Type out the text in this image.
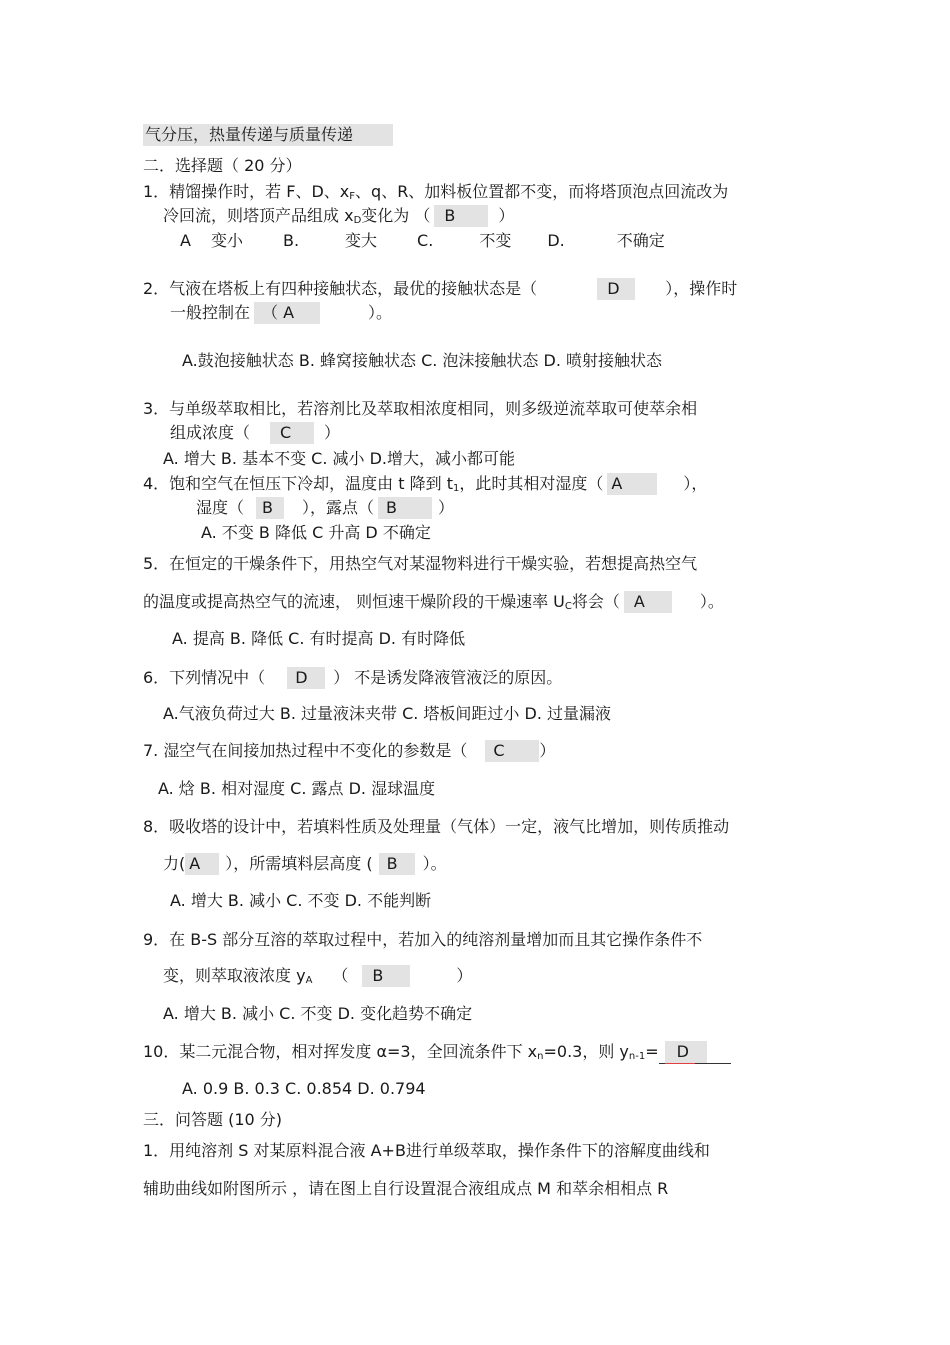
气分压，热量传递与质量传递
二．选择题（ 20 分）
1．精馏操作时，若 F、D、$x_F$、q、R、加料板位置都不变，而将塔顶泡点回流改为
冷回流，则塔顶产品组成 $x_D$变化为 （ B	）
A 变小	B.	变大	C.	不变 D.	不确定
2．气液在塔板上有四种接触状态，最优的接触状态是（	D	），操作时
一般控制在 （ A	）。
A.鼓泡接触状态 B. 蜂窝接触状态 C. 泡沫接触状态 D. 喷射接触状态
3．与单级萃取相比，若溶剂比及萃取相浓度相同，则多级逆流萃取可使萃余相
组成浓度（ C ）
A. 增大 B. 基本不变 C. 减小 D.增大，减小都可能
4．饱和空气在恒压下冷却，温度由 t 降到 $t_1$，此时其相对湿度（ A	），
湿度（ B ），露点（ B	）
A. 不变 B 降低 C 升高 D 不确定
5．在恒定的干燥条件下，用热空气对某湿物料进行干燥实验，若想提高热空气
的温度或提高热空气的流速， 则恒速干燥阶段的干燥速率 $U_C$将会（ A	）。
A. 提高 B. 降低 C. 有时提高 D. 有时降低
6．下列情况中（ D ） 不是诱发降液管液泛的原因。
A.气液负荷过大 B. 过量液沫夹带 C. 塔板间距过小 D. 过量漏液
7. 湿空气在间接加热过程中不变化的参数是（ C ）
A. 焓 B. 相对湿度 C. 露点 D. 湿球温度
8．吸收塔的设计中，若填料性质及处理量（气体）一定，液气比增加，则传质推动
力( A ），所需填料层高度 ( B ）。
A. 增大 B. 减小 C. 不变 D. 不能判断
9．在 B-S 部分互溶的萃取过程中，若加入的纯溶剂量增加而且其它操作条件不
变，则萃取液浓度 $y_A$ （ B	）
A. 增大 B. 减小 C. 不变 D. 变化趋势不确定
10．某二元混合物，相对挥发度 α=3，全回流条件下 $x_n=0.3$，则 $y_{n-1}=$	D
A. 0.9 B. 0.3 C. 0.854 D. 0.794
三．问答题 (10 分)
1．用纯溶剂 S 对某原料混合液 A+B进行单级萃取，操作条件下的溶解度曲线和
辅助曲线如附图所示 ，请在图上自行设置混合液组成点 M 和萃余相相点 R
